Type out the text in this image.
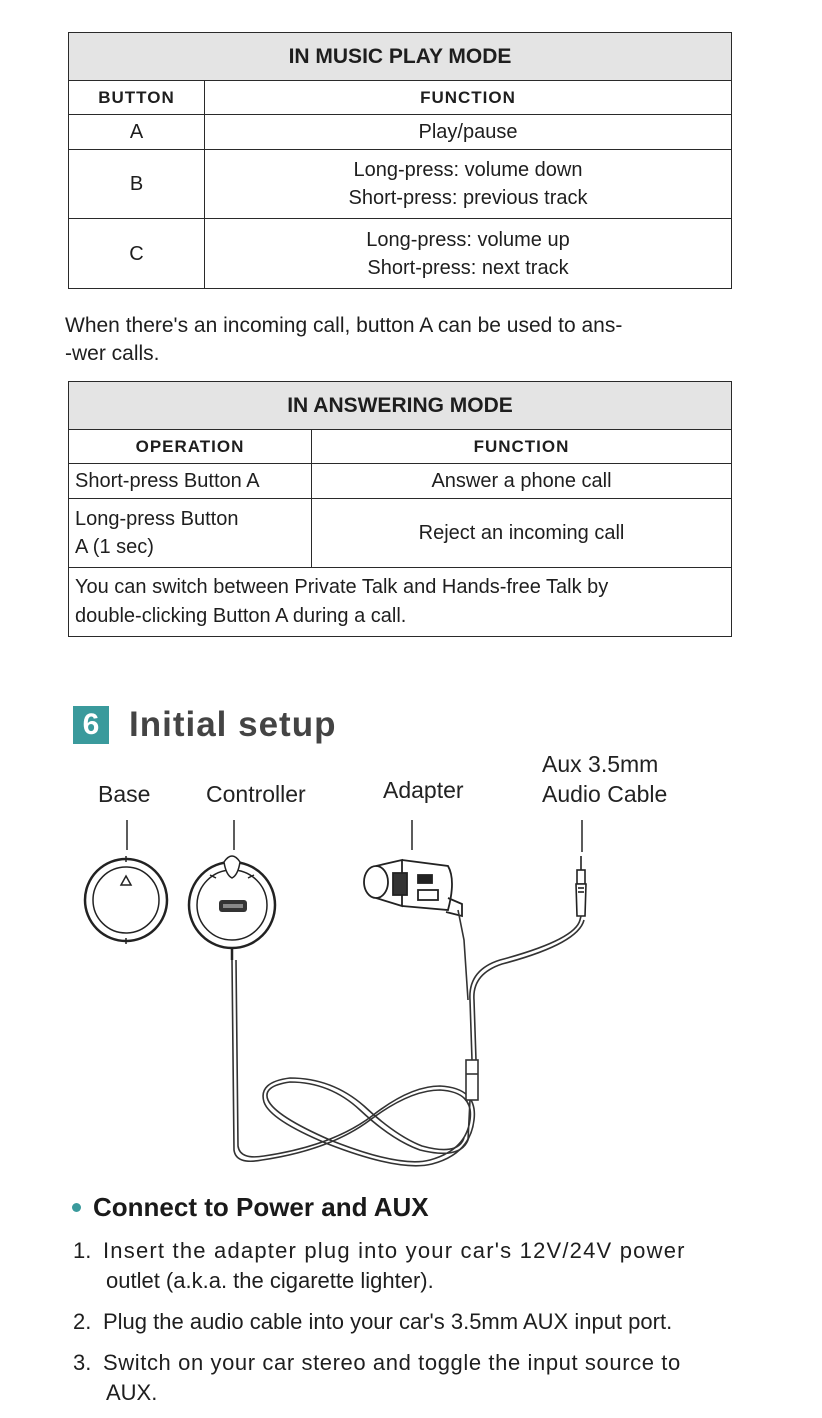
IN MUSIC PLAY MODE	
BUTTON	FUNCTION
A	Play/pause
B	Long-press: volume down
Short-press: previous track

C	Long-press: volume up
Short-press: next track

When there's an incoming call, button A can be used to ans-
-wer calls.

IN ANSWERING MODE	
OPERATION	FUNCTION
Short-press Button A	Answer a phone call

Long-press Button
A (1 sec)	Reject an incoming call

You can switch between Private Talk and Hands-free Talk by
double-clicking Button A during a call.	
6 Initial setup
Base Controller	Adapter
Aux 3.5mm
Audio Cable
Connect to Power and AUX

1. Insert the adapter plug into your car's 12V/24V power
outlet (a.k.a. the cigarette lighter).

2. Plug the audio cable into your car's 3.5mm AUX input port.

3. Switch on your car stereo and toggle the input source to
AUX.
